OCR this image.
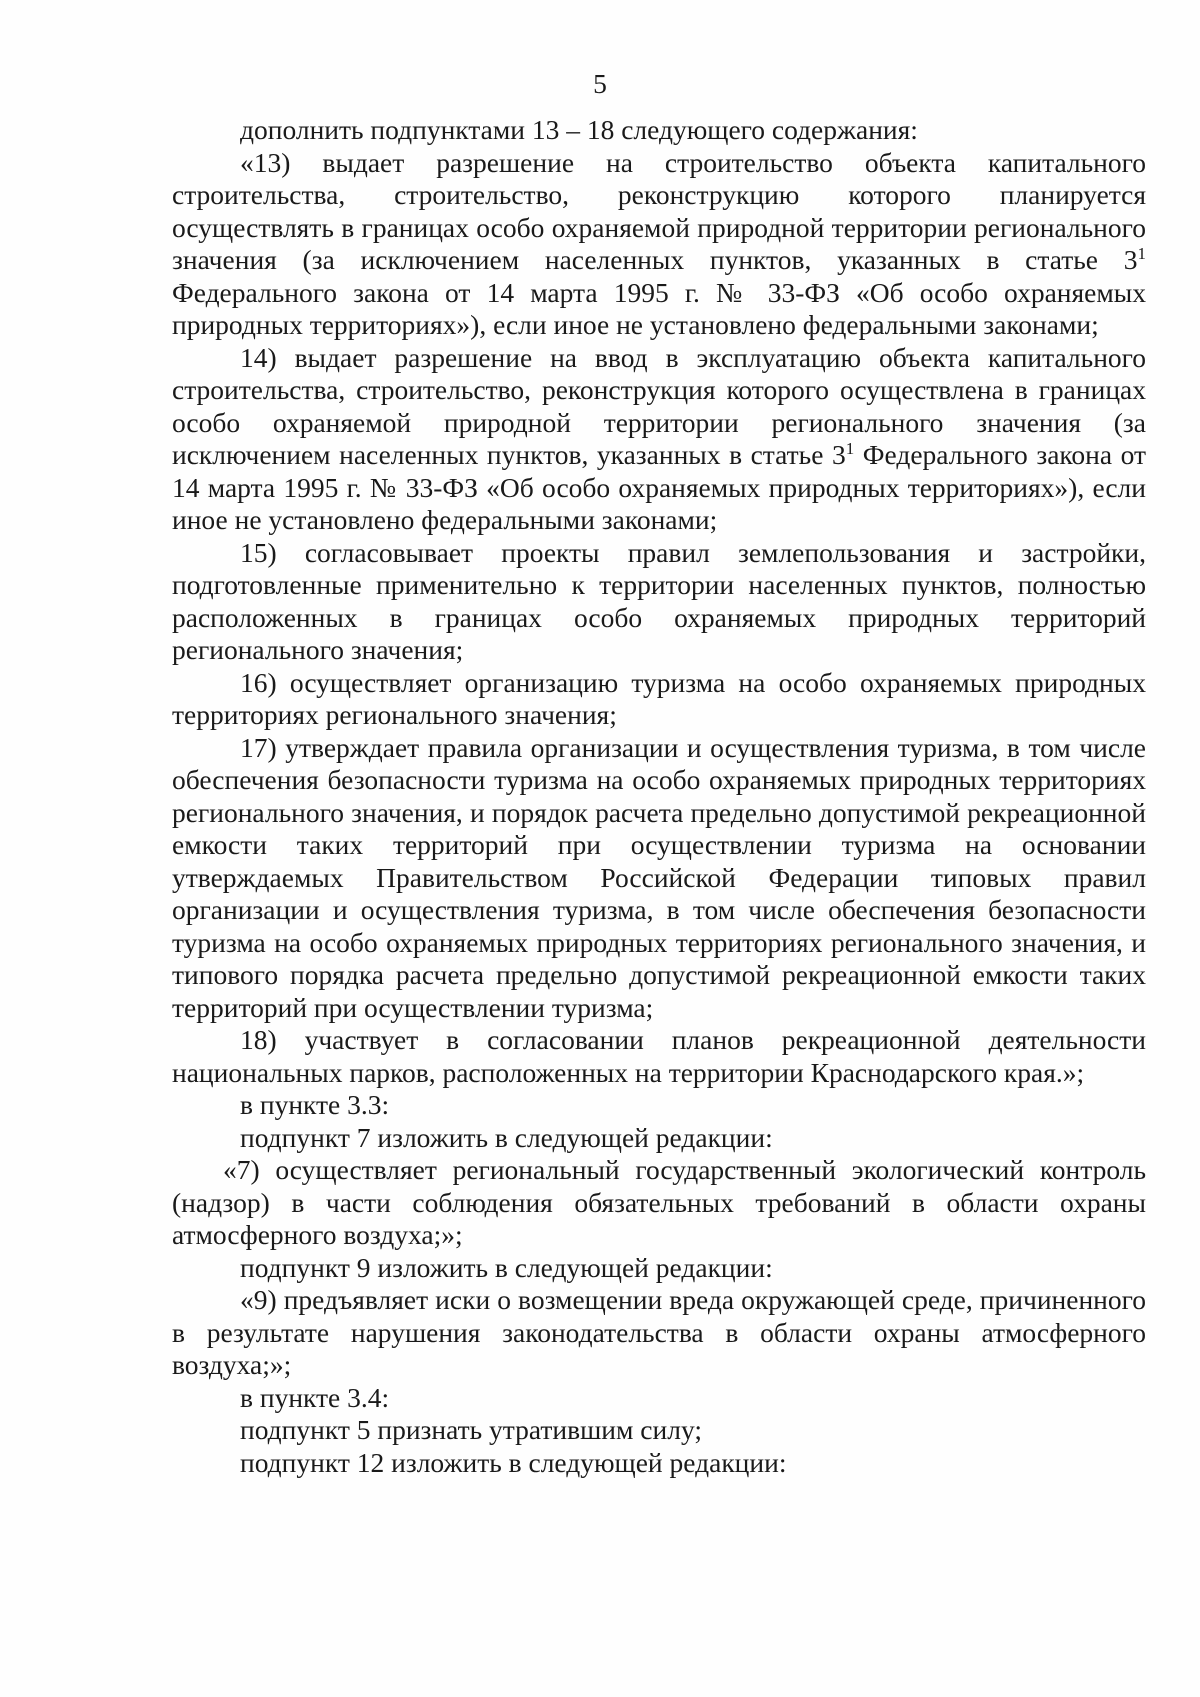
5

дополнить подпунктами 13 – 18 следующего содержания:

«13) выдает разрешение на строительство объекта капитального строительства, строительство, реконструкцию которого планируется осуществлять в границах особо охраняемой природной территории регионального значения (за исключением населенных пунктов, указанных в статье $3^1$ Федерального закона от 14 марта 1995 г. № 33-ФЗ «Об особо охраняемых природных территориях»), если иное не установлено федеральными законами;

14) выдает разрешение на ввод в эксплуатацию объекта капитального строительства, строительство, реконструкция которого осуществлена в границах особо охраняемой природной территории регионального значения (за исключением населенных пунктов, указанных в статье $3^1$ Федерального закона от 14 марта 1995 г. № 33-ФЗ «Об особо охраняемых природных территориях»), если иное не установлено федеральными законами;

15) согласовывает проекты правил землепользования и застройки, подготовленные применительно к территории населенных пунктов, полностью расположенных в границах особо охраняемых природных территорий регионального значения;

16) осуществляет организацию туризма на особо охраняемых природных территориях регионального значения;

17) утверждает правила организации и осуществления туризма, в том числе обеспечения безопасности туризма на особо охраняемых природных территориях регионального значения, и порядок расчета предельно допустимой рекреационной емкости таких территорий при осуществлении туризма на основании утверждаемых Правительством Российской Федерации типовых правил организации и осуществления туризма, в том числе обеспечения безопасности туризма на особо охраняемых природных территориях регионального значения, и типового порядка расчета предельно допустимой рекреационной емкости таких территорий при осуществлении туризма;

18) участвует в согласовании планов рекреационной деятельности национальных парков, расположенных на территории Краснодарского края.»;

в пункте 3.3:

подпункт 7 изложить в следующей редакции:

«7) осуществляет региональный государственный экологический контроль (надзор) в части соблюдения обязательных требований в области охраны атмосферного воздуха;»;

подпункт 9 изложить в следующей редакции:

«9) предъявляет иски о возмещении вреда окружающей среде, причиненного в результате нарушения законодательства в области охраны атмосферного воздуха;»;

в пункте 3.4:

подпункт 5 признать утратившим силу;

подпункт 12 изложить в следующей редакции:
